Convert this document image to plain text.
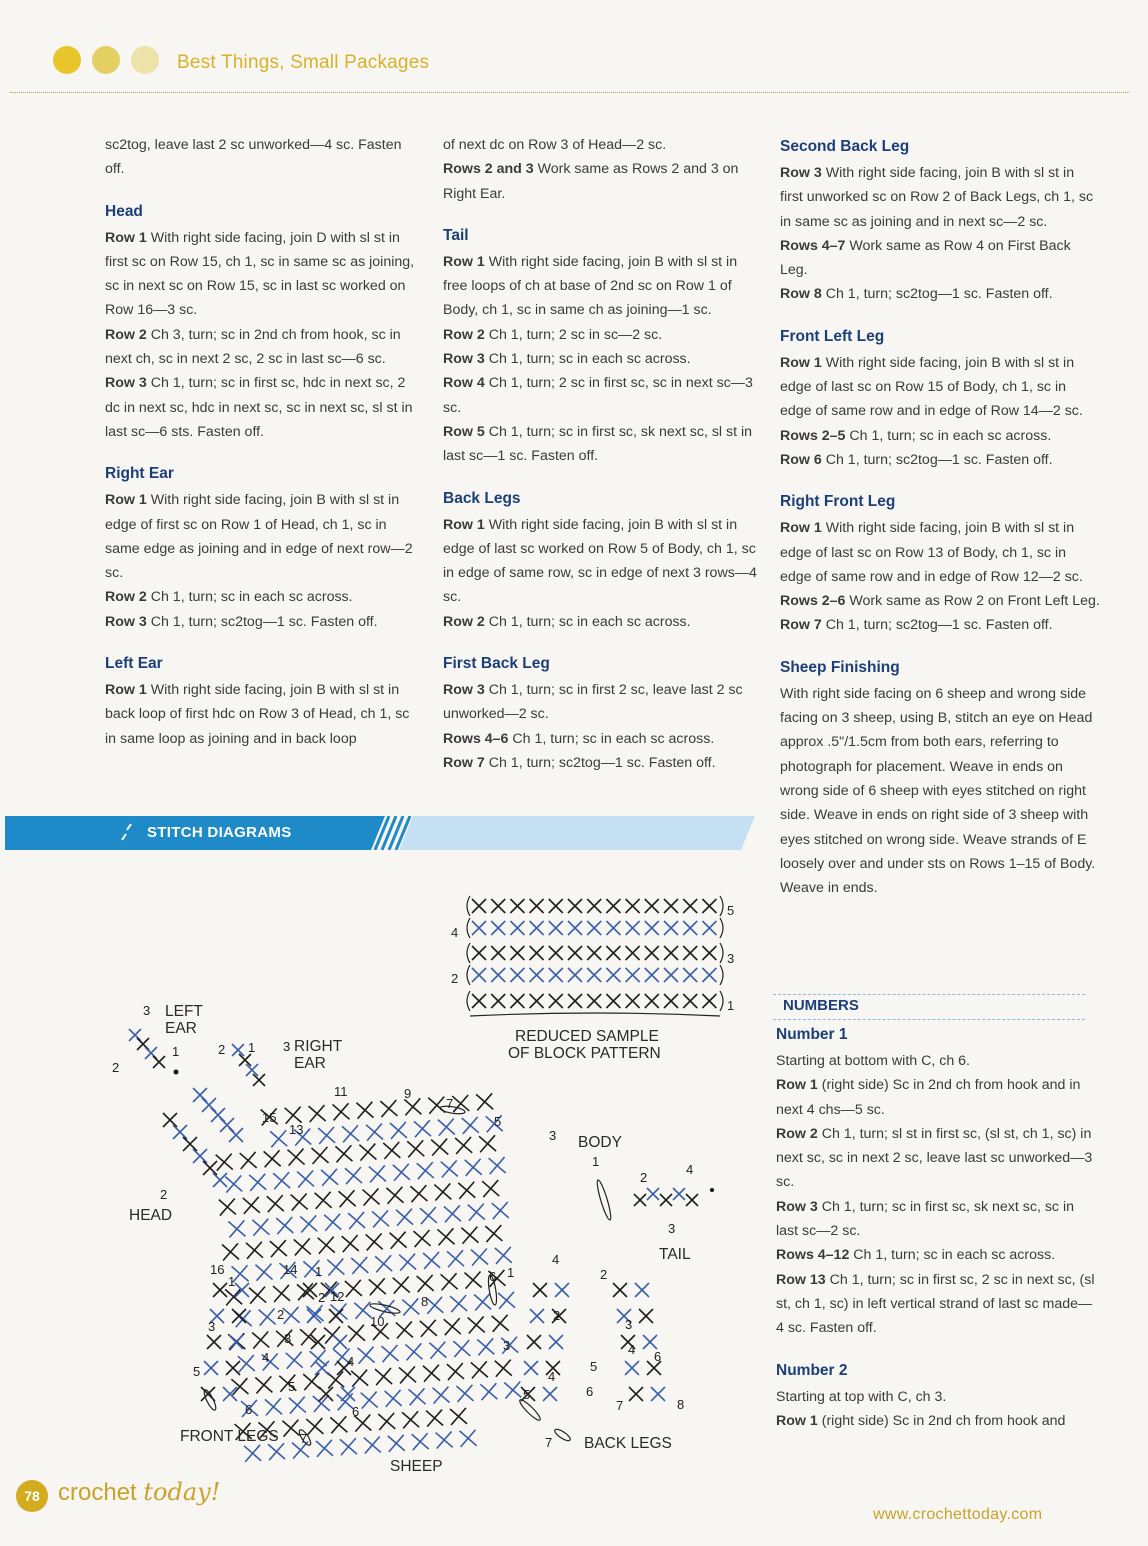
Best Things, Small Packages

sc2tog, leave last 2 sc unworked—4 sc. Fasten off.

Head

Row 1 With right side facing, join D with sl st in first sc on Row 15, ch 1, sc in same sc as joining, sc in next sc on Row 15, sc in last sc worked on Row 16—3 sc.

Row 2 Ch 3, turn; sc in 2nd ch from hook, sc in next ch, sc in next 2 sc, 2 sc in last sc—6 sc.

Row 3 Ch 1, turn; sc in first sc, hdc in next sc, 2 dc in next sc, hdc in next sc, sc in next sc, sl st in last sc—6 sts. Fasten off.

Right Ear

Row 1 With right side facing, join B with sl st in edge of first sc on Row 1 of Head, ch 1, sc in same edge as joining and in edge of next row—2 sc.

Row 2 Ch 1, turn; sc in each sc across.

Row 3 Ch 1, turn; sc2tog—1 sc. Fasten off.

Left Ear

Row 1 With right side facing, join B with sl st in back loop of first hdc on Row 3 of Head, ch 1, sc in same loop as joining and in back loop

of next dc on Row 3 of Head—2 sc.

Rows 2 and 3 Work same as Rows 2 and 3 on Right Ear.

Tail

Row 1 With right side facing, join B with sl st in free loops of ch at base of 2nd sc on Row 1 of Body, ch 1, sc in same ch as joining—1 sc.

Row 2 Ch 1, turn; 2 sc in sc—2 sc.

Row 3 Ch 1, turn; sc in each sc across.

Row 4 Ch 1, turn; 2 sc in first sc, sc in next sc—3 sc.

Row 5 Ch 1, turn; sc in first sc, sk next sc, sl st in last sc—1 sc. Fasten off.

Back Legs

Row 1 With right side facing, join B with sl st in edge of last sc worked on Row 5 of Body, ch 1, sc in edge of same row, sc in edge of next 3 rows—4 sc.

Row 2 Ch 1, turn; sc in each sc across.

First Back Leg

Row 3 Ch 1, turn; sc in first 2 sc, leave last 2 sc unworked—2 sc.

Rows 4–6 Ch 1, turn; sc in each sc across.

Row 7 Ch 1, turn; sc2tog—1 sc. Fasten off.

Second Back Leg

Row 3 With right side facing, join B with sl st in first unworked sc on Row 2 of Back Legs, ch 1, sc in same sc as joining and in next sc—2 sc.

Rows 4–7 Work same as Row 4 on First Back Leg.

Row 8 Ch 1, turn; sc2tog—1 sc. Fasten off.

Front Left Leg

Row 1 With right side facing, join B with sl st in edge of last sc on Row 15 of Body, ch 1, sc in edge of same row and in edge of Row 14—2 sc.

Rows 2–5 Ch 1, turn; sc in each sc across.

Row 6 Ch 1, turn; sc2tog—1 sc. Fasten off.

Right Front Leg

Row 1 With right side facing, join B with sl st in edge of last sc on Row 13 of Body, ch 1, sc in edge of same row and in edge of Row 12—2 sc.

Rows 2–6 Work same as Row 2 on Front Left Leg.

Row 7 Ch 1, turn; sc2tog—1 sc. Fasten off.

Sheep Finishing

With right side facing on 6 sheep and wrong side facing on 3 sheep, using B, stitch an eye on Head approx .5"/1.5cm from both ears, referring to photograph for placement. Weave in ends on wrong side of 6 sheep with eyes stitched on right side. Weave in ends on right side of 3 sheep with eyes stitched on wrong side. Weave strands of E loosely over and under sts on Rows 1–15 of Body. Weave in ends.

Number 1

Starting at bottom with C, ch 6.

Row 1 (right side) Sc in 2nd ch from hook and in next 4 chs—5 sc.

Row 2 Ch 1, turn; sl st in first sc, (sl st, ch 1, sc) in next sc, sc in next 2 sc, leave last sc unworked—3 sc.

Row 3 Ch 1, turn; sc in first sc, sk next sc, sc in last sc—2 sc.

Rows 4–12 Ch 1, turn; sc in each sc across.

Row 13 Ch 1, turn; sc in first sc, 2 sc in next sc, (sl st, ch 1, sc) in left vertical strand of last sc made—4 sc. Fasten off.

Number 2

Starting at top with C, ch 3.

Row 1 (right side) Sc in 2nd ch from hook and

STITCH DIAGRAMS
NUMBERS
3
1
2
2 1 3
15
13
2
11	9
7
5
3
1
2
4
3
16	14
12
10
8
6
4
2
1
2
3
4
5
6
1
2
3
4
5
6
7
1
2
3
4
5	6
7
3
4
5
6
7	8
REDUCED SAMPLE
OF BLOCK PATTERN
5
4
3
2
1
LEFT
EAR
RIGHT
EAR
HEAD
BODY
TAIL
FRONT LEGS	BACK LEGS
SHEEP
78 crochet today!
www.crochettoday.com
